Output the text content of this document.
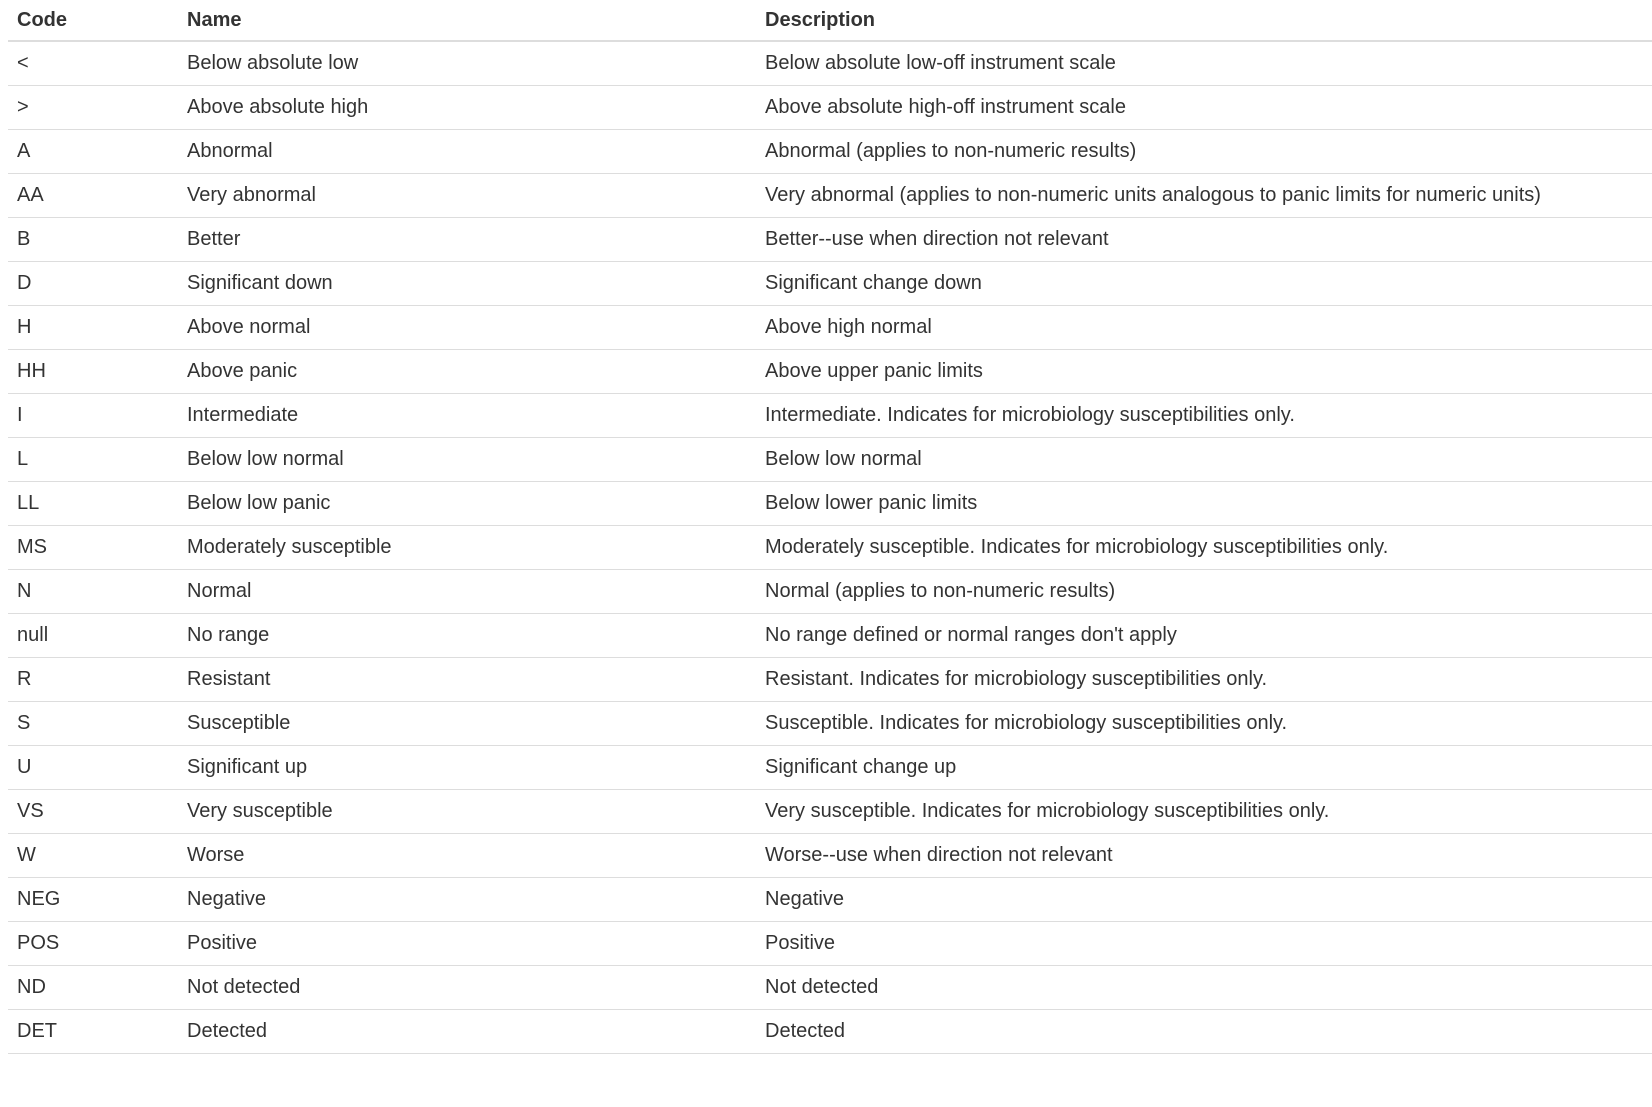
Code	Name	Description
<	Below absolute low	Below absolute low-off instrument scale
>	Above absolute high	Above absolute high-off instrument scale
A	Abnormal	Abnormal (applies to non-numeric results)
AA	Very abnormal	Very abnormal (applies to non-numeric units analogous to panic limits for numeric units)
B	Better	Better--use when direction not relevant
D	Significant down	Significant change down
H	Above normal	Above high normal
HH	Above panic	Above upper panic limits
I	Intermediate	Intermediate. Indicates for microbiology susceptibilities only.
L	Below low normal	Below low normal
LL	Below low panic	Below lower panic limits
MS	Moderately susceptible	Moderately susceptible. Indicates for microbiology susceptibilities only.
N	Normal	Normal (applies to non-numeric results)
null	No range	No range defined or normal ranges don't apply
R	Resistant	Resistant. Indicates for microbiology susceptibilities only.
S	Susceptible	Susceptible. Indicates for microbiology susceptibilities only.
U	Significant up	Significant change up
VS	Very susceptible	Very susceptible. Indicates for microbiology susceptibilities only.
W	Worse	Worse--use when direction not relevant
NEG	Negative	Negative
POS	Positive	Positive
ND	Not detected	Not detected
DET	Detected	Detected
